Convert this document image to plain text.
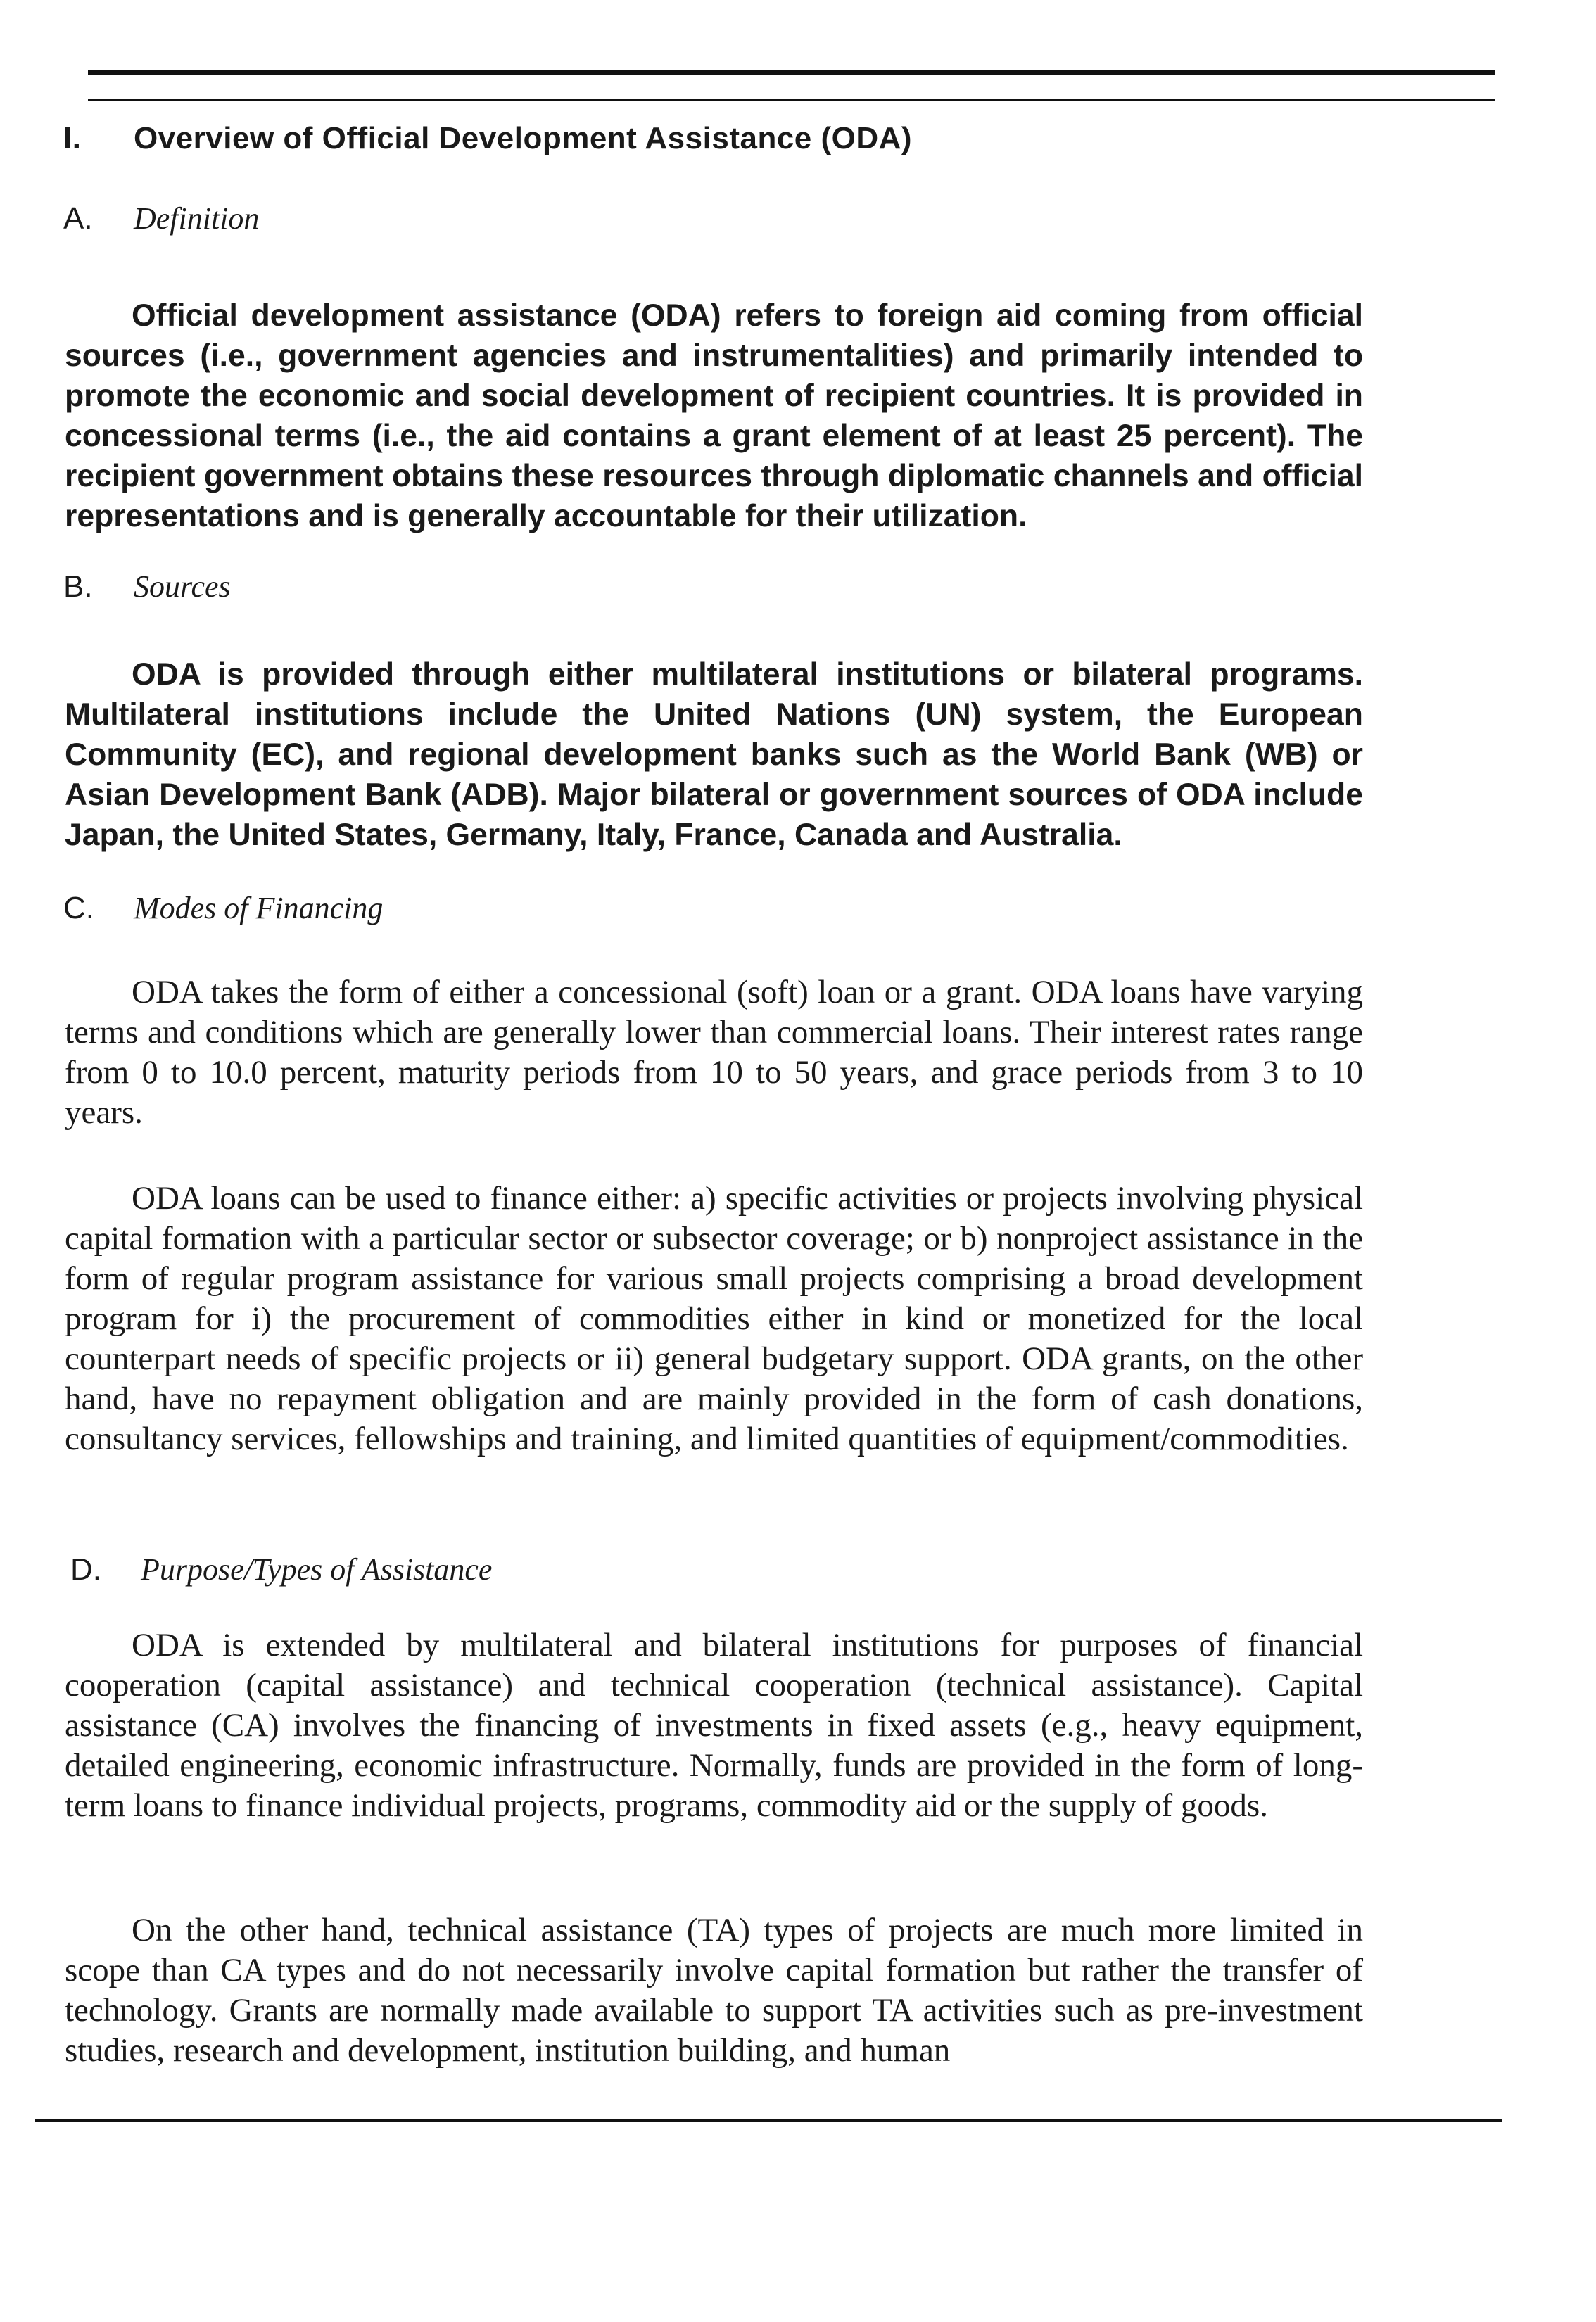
I. Overview of Official Development Assistance (ODA)
A. Definition

Official development assistance (ODA) refers to foreign aid coming from official sources (i.e., government agencies and instrumentalities) and primarily intended to promote the economic and social development of recipient countries. It is provided in concessional terms (i.e., the aid contains a grant element of at least 25 percent). The recipient government obtains these resources through diplomatic channels and official representations and is generally accountable for their utilization.

B. Sources

ODA is provided through either multilateral institutions or bilateral programs. Multilateral institutions include the United Nations (UN) system, the European Community (EC), and regional development banks such as the World Bank (WB) or Asian Development Bank (ADB). Major bilateral or government sources of ODA include Japan, the United States, Germany, Italy, France, Canada and Australia.

C. Modes of Financing

ODA takes the form of either a concessional (soft) loan or a grant. ODA loans have varying terms and conditions which are generally lower than commercial loans. Their interest rates range from 0 to 10.0 percent, maturity periods from 10 to 50 years, and grace periods from 3 to 10 years.

ODA loans can be used to finance either: a) specific activities or projects involving physical capital formation with a particular sector or subsector coverage; or b) nonproject assistance in the form of regular program assistance for various small projects comprising a broad development program for i) the procurement of commodities either in kind or monetized for the local counterpart needs of specific projects or ii) general budgetary support. ODA grants, on the other hand, have no repayment obligation and are mainly provided in the form of cash donations, consultancy services, fellowships and training, and limited quantities of equipment/commodities.

D. Purpose/Types of Assistance

ODA is extended by multilateral and bilateral institutions for purposes of financial cooperation (capital assistance) and technical cooperation (technical assistance). Capital assistance (CA) involves the financing of investments in fixed assets (e.g., heavy equipment, detailed engineering, economic infrastructure. Normally, funds are provided in the form of long-term loans to finance individual projects, programs, commodity aid or the supply of goods.

On the other hand, technical assistance (TA) types of projects are much more limited in scope than CA types and do not necessarily involve capital formation but rather the transfer of technology. Grants are normally made available to support TA activities such as pre-investment studies, research and development, institution building, and human
